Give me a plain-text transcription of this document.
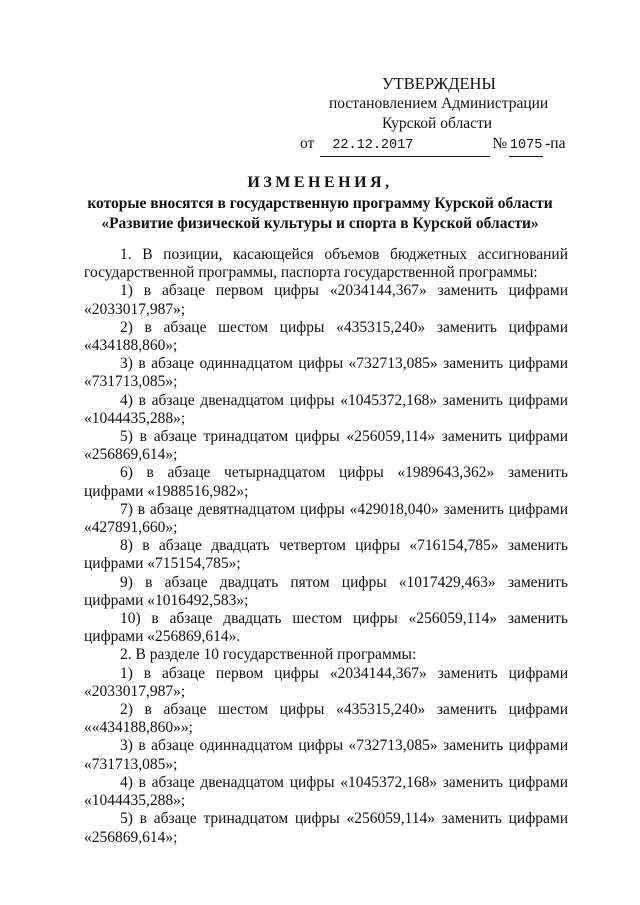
УТВЕРЖДЕНЫ
постановлением Администрации
Курской области
от	22.12.2017	№ 1075 -па
ИЗМЕНЕНИЯ,
которые вносятся в государственную программу Курской области
«Развитие физической культуры и спорта в Курской области»

1. В позиции, касающейся объемов бюджетных ассигнований государственной программы, паспорта государственной программы:

1) в абзаце первом цифры «2034144,367» заменить цифрами «2033017,987»;

2) в абзаце шестом цифры «435315,240» заменить цифрами «434188,860»;

3) в абзаце одиннадцатом цифры «732713,085» заменить цифрами «731713,085»;

4) в абзаце двенадцатом цифры «1045372,168» заменить цифрами «1044435,288»;

5) в абзаце тринадцатом цифры «256059,114» заменить цифрами «256869,614»;

6) в абзаце четырнадцатом цифры «1989643,362» заменить цифрами «1988516,982»;

7) в абзаце девятнадцатом цифры «429018,040» заменить цифрами «427891,660»;

8) в абзаце двадцать четвертом цифры «716154,785» заменить цифрами «715154,785»;

9) в абзаце двадцать пятом цифры «1017429,463» заменить цифрами «1016492,583»;

10) в абзаце двадцать шестом цифры «256059,114» заменить цифрами «256869,614».

2. В разделе 10 государственной программы:

1) в абзаце первом цифры «2034144,367» заменить цифрами «2033017,987»;

2) в абзаце шестом цифры «435315,240» заменить цифрами ««434188,860»»;

3) в абзаце одиннадцатом цифры «732713,085» заменить цифрами «731713,085»;

4) в абзаце двенадцатом цифры «1045372,168» заменить цифрами «1044435,288»;

5) в абзаце тринадцатом цифры «256059,114» заменить цифрами «256869,614»;
